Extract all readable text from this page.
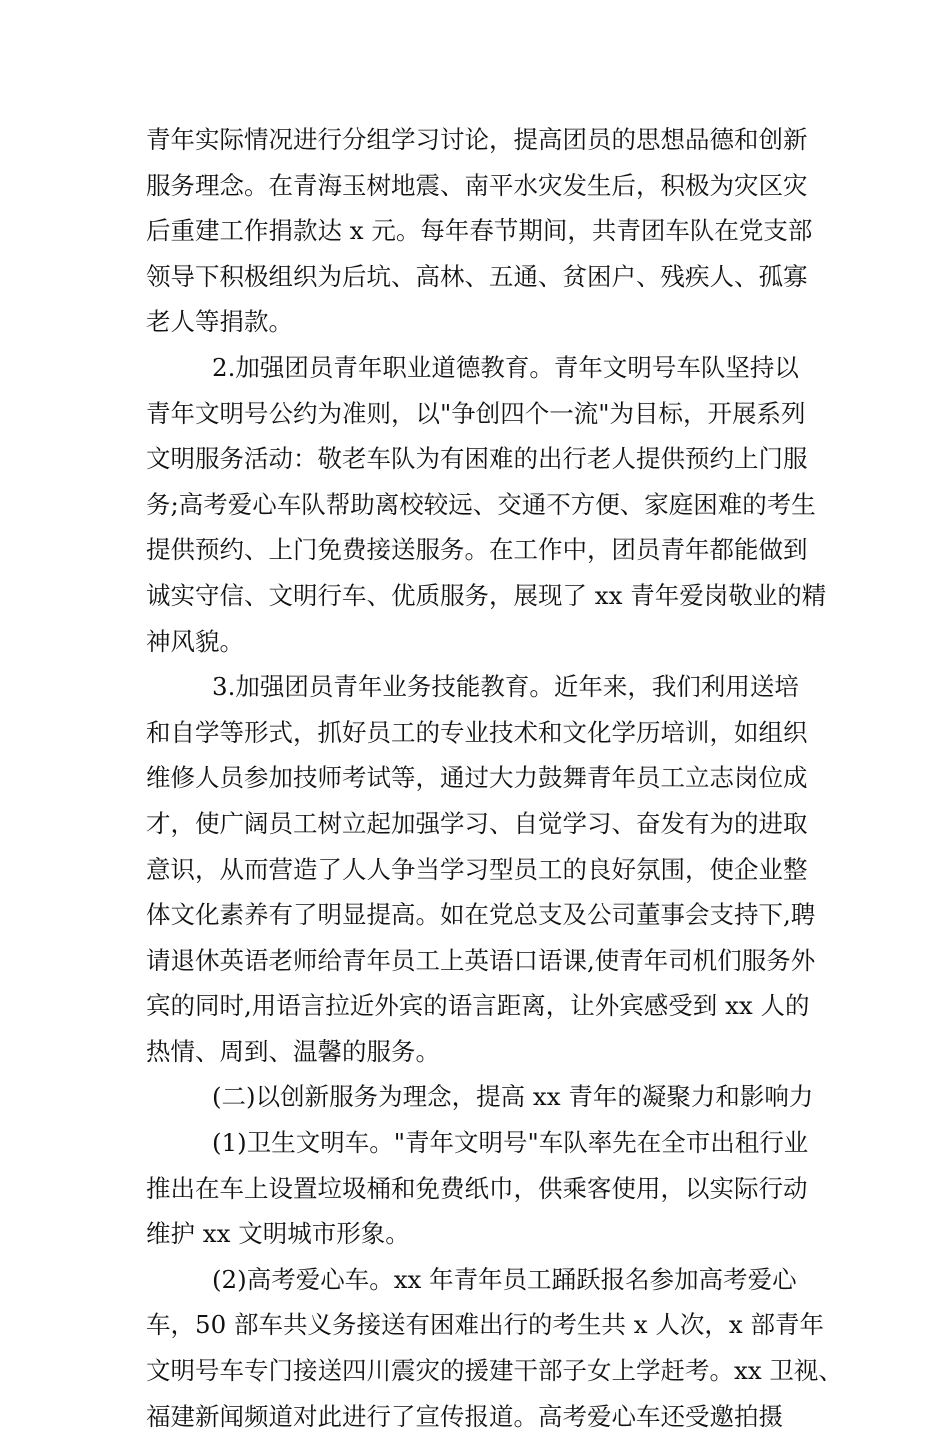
青年实际情况进行分组学习讨论，提高团员的思想品德和创新
服务理念。在青海玉树地震、南平水灾发生后，积极为灾区灾
后重建工作捐款达 x 元。每年春节期间，共青团车队在党支部
领导下积极组织为后坑、高林、五通、贫困户、残疾人、孤寡
老人等捐款。
2.加强团员青年职业道德教育。青年文明号车队坚持以
青年文明号公约为准则，以"争创四个一流"为目标，开展系列
文明服务活动：敬老车队为有困难的出行老人提供预约上门服
务;高考爱心车队帮助离校较远、交通不方便、家庭困难的考生
提供预约、上门免费接送服务。在工作中，团员青年都能做到
诚实守信、文明行车、优质服务，展现了 xx 青年爱岗敬业的精
神风貌。
3.加强团员青年业务技能教育。近年来，我们利用送培
和自学等形式，抓好员工的专业技术和文化学历培训，如组织
维修人员参加技师考试等，通过大力鼓舞青年员工立志岗位成
才，使广阔员工树立起加强学习、自觉学习、奋发有为的进取
意识，从而营造了人人争当学习型员工的良好氛围，使企业整
体文化素养有了明显提高。如在党总支及公司董事会支持下,聘
请退休英语老师给青年员工上英语口语课,使青年司机们服务外
宾的同时,用语言拉近外宾的语言距离，让外宾感受到 xx 人的
热情、周到、温馨的服务。
(二)以创新服务为理念，提高 xx 青年的凝聚力和影响力
(1)卫生文明车。"青年文明号"车队率先在全市出租行业
推出在车上设置垃圾桶和免费纸巾，供乘客使用，以实际行动
维护 xx 文明城市形象。
(2)高考爱心车。xx 年青年员工踊跃报名参加高考爱心
车，50 部车共义务接送有困难出行的考生共 x 人次，x 部青年
文明号车专门接送四川震灾的援建干部子女上学赶考。xx 卫视、
福建新闻频道对此进行了宣传报道。高考爱心车还受邀拍摄
